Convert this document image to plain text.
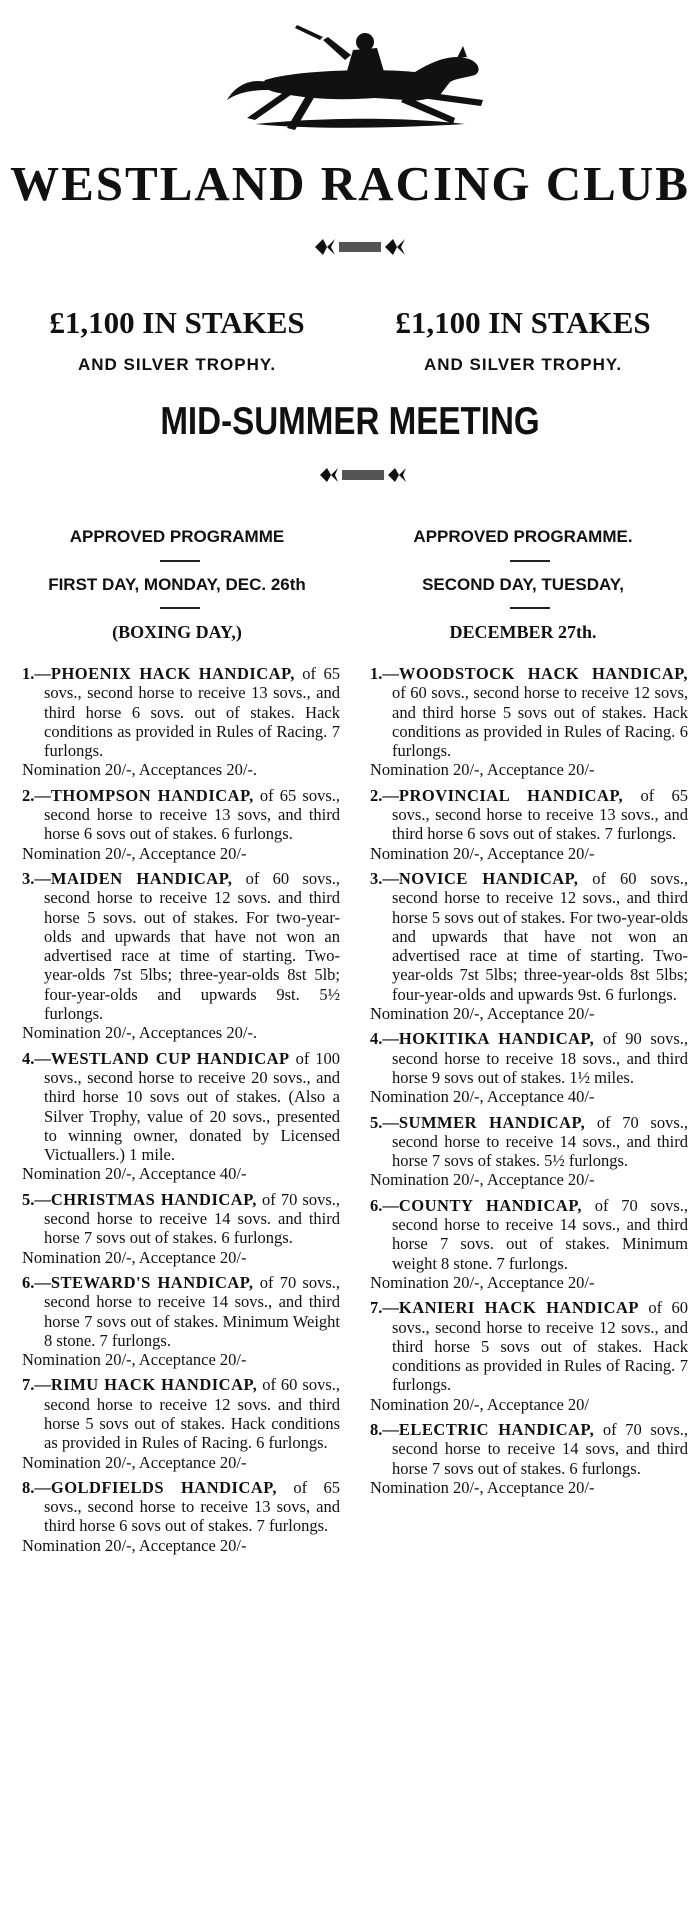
WESTLAND RACING CLUB
£1,100 IN STAKES	£1,100 IN STAKES
AND SILVER TROPHY.	AND SILVER TROPHY.
MID-SUMMER MEETING
APPROVED PROGRAMME	APPROVED PROGRAMME.
FIRST DAY, MONDAY, DEC. 26th	SECOND DAY, TUESDAY,
(BOXING DAY,)	DECEMBER 27th.
1.—PHOENIX HACK HANDICAP, of 65 sovs., second horse to receive 13 sovs., and third horse 6 sovs. out of stakes. Hack conditions as provided in Rules of Racing. 7 furlongs.
Nomination 20/-, Acceptances 20/-.
2.—THOMPSON HANDICAP, of 65 sovs., second horse to receive 13 sovs, and third horse 6 sovs out of stakes. 6 furlongs.
Nomination 20/-, Acceptance 20/-
3.—MAIDEN HANDICAP, of 60 sovs., second horse to receive 12 sovs. and third horse 5 sovs. out of stakes. For two-year-olds and upwards that have not won an advertised race at time of starting. Two-year-olds 7st 5lbs; three-year-olds 8st 5lb; four-year-olds and upwards 9st. 5½ furlongs.
Nomination 20/-, Acceptances 20/-.
4.—WESTLAND CUP HANDICAP of 100 sovs., second horse to receive 20 sovs., and third horse 10 sovs out of stakes. (Also a Silver Trophy, value of 20 sovs., presented to winning owner, donated by Licensed Victuallers.) 1 mile.
Nomination 20/-, Acceptance 40/-
5.—CHRISTMAS HANDICAP, of 70 sovs., second horse to receive 14 sovs. and third horse 7 sovs out of stakes. 6 furlongs.
Nomination 20/-, Acceptance 20/-
6.—STEWARD'S HANDICAP, of 70 sovs., second horse to receive 14 sovs., and third horse 7 sovs out of stakes. Minimum Weight 8 stone. 7 furlongs.
Nomination 20/-, Acceptance 20/-
7.—RIMU HACK HANDICAP, of 60 sovs., second horse to receive 12 sovs. and third horse 5 sovs out of stakes. Hack conditions as provided in Rules of Racing. 6 furlongs.
Nomination 20/-, Acceptance 20/-
8.—GOLDFIELDS HANDICAP, of 65 sovs., second horse to receive 13 sovs, and third horse 6 sovs out of stakes. 7 furlongs.
Nomination 20/-, Acceptance 20/-
1.—WOODSTOCK HACK HANDICAP, of 60 sovs., second horse to receive 12 sovs, and third horse 5 sovs out of stakes. Hack conditions as provided in Rules of Racing. 6 furlongs.
Nomination 20/-, Acceptance 20/-
2.—PROVINCIAL HANDICAP, of 65 sovs., second horse to receive 13 sovs., and third horse 6 sovs out of stakes. 7 furlongs.
Nomination 20/-, Acceptance 20/-
3.—NOVICE HANDICAP, of 60 sovs., second horse to receive 12 sovs., and third horse 5 sovs out of stakes. For two-year-olds and upwards that have not won an advertised race at time of starting. Two-year-olds 7st 5lbs; three-year-olds 8st 5lbs; four-year-olds and upwards 9st. 6 furlongs.
Nomination 20/-, Acceptance 20/-
4.—HOKITIKA HANDICAP, of 90 sovs., second horse to receive 18 sovs., and third horse 9 sovs out of stakes. 1½ miles.
Nomination 20/-, Acceptance 40/-
5.—SUMMER HANDICAP, of 70 sovs., second horse to receive 14 sovs., and third horse 7 sovs of stakes. 5½ furlongs.
Nomination 20/-, Acceptance 20/-
6.—COUNTY HANDICAP, of 70 sovs., second horse to receive 14 sovs., and third horse 7 sovs. out of stakes. Minimum weight 8 stone. 7 furlongs.
Nomination 20/-, Acceptance 20/-
7.—KANIERI HACK HANDICAP of 60 sovs., second horse to receive 12 sovs., and third horse 5 sovs out of stakes. Hack conditions as provided in Rules of Racing. 7 furlongs.
Nomination 20/-, Acceptance 20/
8.—ELECTRIC HANDICAP, of 70 sovs., second horse to receive 14 sovs, and third horse 7 sovs out of stakes. 6 furlongs.
Nomination 20/-, Acceptance 20/-
